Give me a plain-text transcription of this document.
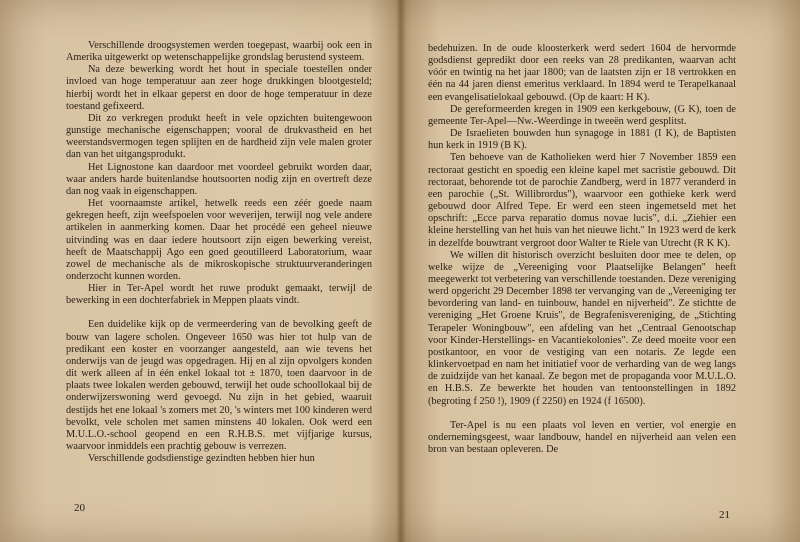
Verschillende droogsystemen werden toegepast, waarbij ook een in Amerika uitgewerkt op wetenschappelijke grondslag berustend systeem.

Na deze bewerking wordt het hout in speciale toestellen onder invloed van hoge temperatuur aan zeer hoge drukkingen blootgesteld; hierbij wordt het in elkaar geperst en door de hoge temperatuur in deze toestand gefixeerd.

Dit zo verkregen produkt heeft in vele opzichten buitengewoon gunstige mechanische eigenschappen; vooral de drukvastheid en het weerstandsvermogen tegen splijten en de hardheid zijn vele malen groter dan van het uitgangsprodukt.

Het Lignostone kan daardoor met voordeel gebruikt worden daar, waar anders harde buitenlandse houtsoorten nodig zijn en overtreft deze dan nog vaak in eigenschappen.

Het voornaamste artikel, hetwelk reeds een zéér goede naam gekregen heeft, zijn weefspoelen voor weverijen, terwijl nog vele andere artikelen in aanmerking komen. Daar het procédé een geheel nieuwe uitvinding was en daar iedere houtsoort zijn eigen bewerking vereist, heeft de Maatschappij Ago een goed geoutilleerd Laboratorium, waar zowel de mechanische als de mikroskopische struktuurveranderingen onderzocht kunnen worden.

Hier in Ter-Apel wordt het ruwe produkt gemaakt, terwijl de bewerking in een dochterfabriek in Meppen plaats vindt.

Een duidelike kijk op de vermeerdering van de bevolking geeft de bouw van lagere scholen. Ongeveer 1650 was hier tot hulp van de predikant een koster en voorzanger aangesteld, aan wie tevens het onderwijs van de jeugd was opgedragen. Hij en al zijn opvolgers konden dit werk alleen af in één enkel lokaal tot ± 1870, toen daarvoor in de plaats twee lokalen werden gebouwd, terwijl het oude schoollokaal bij de onderwijzerswoning werd gevoegd. Nu zijn in het gebied, waaruit destijds het ene lokaal 's zomers met 20, 's winters met 100 kinderen werd bevolkt, vele scholen met samen minstens 40 lokalen. Ook werd een M.U.L.O.-school geopend en een R.H.B.S. met vijfjarige kursus, waarvoor inmiddels een prachtig gebouw is verrezen.

Verschillende godsdienstige gezindten hebben hier hun

20

bedehuizen. In de oude kloosterkerk werd sedert 1604 de hervormde godsdienst gepredikt door een reeks van 28 predikanten, waarvan acht vóór en twintig na het jaar 1800; van de laatsten zijn er 18 vertrokken en één na 44 jaren dienst emeritus verklaard. In 1894 werd te Terapelkanaal een evangelisatielokaal gebouwd. (Op de kaart: H K).

De gereformeerden kregen in 1909 een kerkgebouw, (G K), toen de gemeente Ter-Apel—Nw.-Weerdinge in tweeën werd gesplitst.

De Israelieten bouwden hun synagoge in 1881 (I K), de Baptisten hun kerk in 1919 (B K).

Ten behoeve van de Katholieken werd hier 7 November 1859 een rectoraat gesticht en spoedig een kleine kapel met sacristie gebouwd. Dit rectoraat, behorende tot de parochie Zandberg, werd in 1877 veranderd in een parochie („St. Willibrordus"), waarvoor een gothieke kerk werd gebouwd door Alfred Tepe. Er werd een steen ingemetseld met het opschrift: „Ecce parva reparatio domus novae lucis", d.i. „Ziehier een kleine herstelling van het huis van het nieuwe licht." In 1923 werd de kerk in dezelfde bouwtrant vergroot door Walter te Riele van Utrecht (R K K).

We willen dit historisch overzicht besluiten door mee te delen, op welke wijze de „Vereeniging voor Plaatselijke Belangen" heeft meegewerkt tot verbetering van verschillende toestanden. Deze vereniging werd opgericht 29 December 1898 ter vervanging van de „Vereeniging ter bevordering van land- en tuinbouw, handel en nijverheid". Ze stichtte de vereniging „Het Groene Kruis", de Begrafenisvereniging, de „Stichting Terapeler Woningbouw", een afdeling van het „Centraal Genootschap voor Kinder-Herstellings- en Vacantiekolonies". Ze deed moeite voor een postkantoor, en voor de vestiging van een notaris. Ze legde een klinkervoetpad en nam het initiatief voor de verharding van de weg langs de zuidzijde van het kanaal. Ze begon met de propaganda voor M.U.L.O. en H.B.S. Ze bewerkte het houden van tentoonstellingen in 1892 (begroting f 250 !), 1909 (f 2250) en 1924 (f 16500).

Ter-Apel is nu een plaats vol leven en vertier, vol energie en ondernemingsgeest, waar landbouw, handel en nijverheid aan velen een bron van bestaan opleveren. De

21
